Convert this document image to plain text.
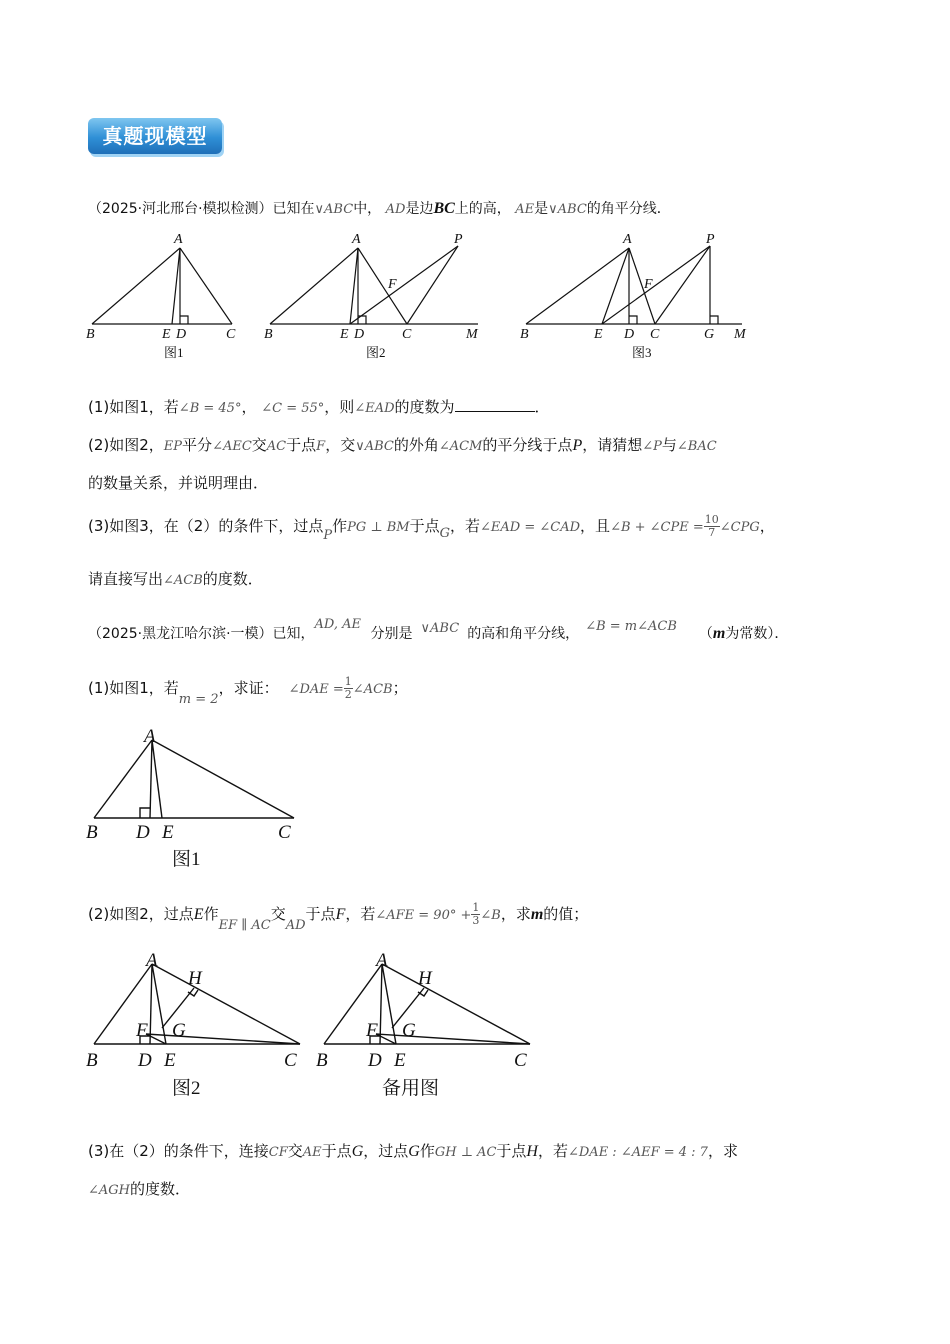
真题现模型
（2025·河北邢台·模拟检测）已知在∨ABC中， AD是边BC上的高， AE是∨ABC的角平分线．
A
B	E D	C
A	P
F
B	E D	C	M
A	P
F
B	E D C	G M
图1	图2	图3
(1)如图1，若∠B = 45°， ∠C = 55°，则∠EAD的度数为	．
(2)如图2，EP平分∠AEC交AC于点F，交∨ABC的外角∠ACM的平分线于点P，请猜想∠P与∠BAC
的数量关系，并说明理由．
(3)如图3，在（2）的条件下，过点P作PG ⊥ BM于点G，若∠EAD = ∠CAD，且∠B + ∠CPE = $\frac{10}{7}$ ∠CPG，
请直接写出∠ACB的度数．
（2025·黑龙江哈尔滨·一模）已知，AD, AE分别是 ∨ABC 的高和角平分线， ∠B = m∠ACB （m为常数）．
(1)如图1，若m = 2，求证： ∠DAE = $\frac{1}{2}$ ∠ACB；
A
B D E	C
图1
(2)如图2，过点E作EF ∥ AC交AD于点F，若∠AFE = $90^\circ + \frac{1}{3}$ ∠B，求m的值；
A
H
F G
B D E	C
A
H
F G
B D E	C
图2	备用图
(3)在（2）的条件下，连接CF交AE于点G，过点G作GH ⊥ AC于点H，若∠DAE : ∠AEF = 4 : 7，求
∠AGH的度数．
